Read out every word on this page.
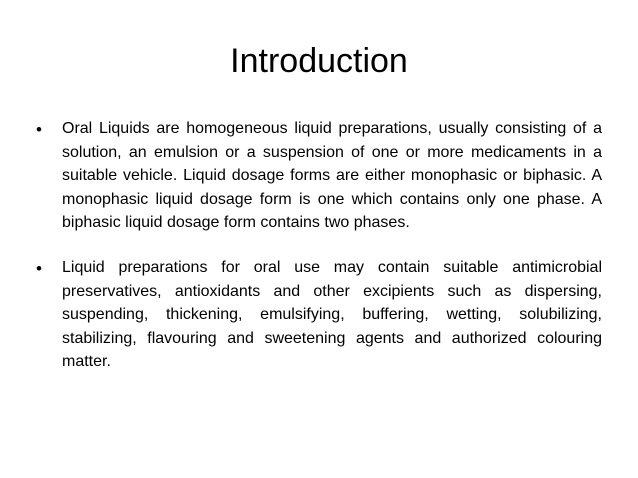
Introduction
• Oral Liquids are homogeneous liquid preparations, usually consisting of a solution, an emulsion or a suspension of one or more medicaments in a suitable vehicle. Liquid dosage forms are either monophasic or biphasic. A monophasic liquid dosage form is one which contains only one phase. A biphasic liquid dosage form contains two phases.

• Liquid preparations for oral use may contain suitable antimicrobial preservatives, antioxidants and other excipients such as dispersing, suspending, thickening, emulsifying, buffering, wetting, solubilizing, stabilizing, flavouring and sweetening agents and authorized colouring matter.
